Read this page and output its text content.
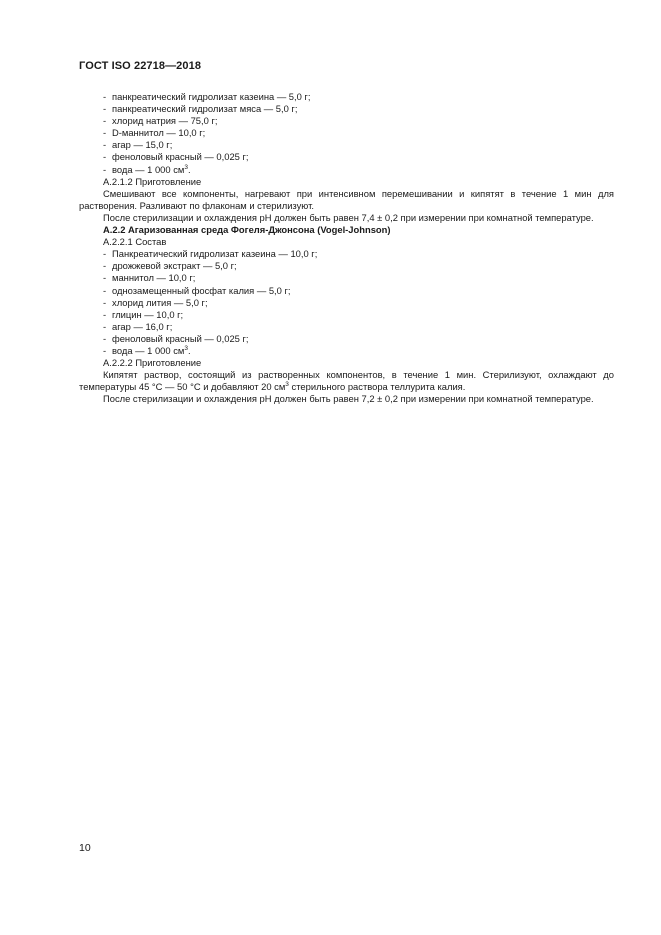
ГОСТ ISO 22718—2018
- панкреатический гидролизат казеина — 5,0 г;
- панкреатический гидролизат мяса — 5,0 г;
- хлорид натрия — 75,0 г;
- D-маннитол — 10,0 г;
- агар — 15,0 г;
- феноловый красный — 0,025 г;
- вода — 1 000 $см^3$.
А.2.1.2 Приготовление
Смешивают все компоненты, нагревают при интенсивном перемешивании и кипятят в течение 1 мин для растворения. Разливают по флаконам и стерилизуют.
После стерилизации и охлаждения рН должен быть равен 7,4 ± 0,2 при измерении при комнатной температуре.
А.2.2 Агаризованная среда Фогеля-Джонсона (Vogel-Johnson)
А.2.2.1 Состав
- Панкреатический гидролизат казеина — 10,0 г;
- дрожжевой экстракт — 5,0 г;
- маннитол — 10,0 г;
- однозамещенный фосфат калия — 5,0 г;
- хлорид лития — 5,0 г;
- глицин — 10,0 г;
- агар — 16,0 г;
- феноловый красный — 0,025 г;
- вода — 1 000 $см^3$.
А.2.2.2 Приготовление
Кипятят раствор, состоящий из растворенных компонентов, в течение 1 мин. Стерилизуют, охлаждают до температуры 45 °С — 50 °С и добавляют 20 $см^3$ стерильного раствора теллурита калия.
После стерилизации и охлаждения рН должен быть равен 7,2 ± 0,2 при измерении при комнатной температуре.
10
